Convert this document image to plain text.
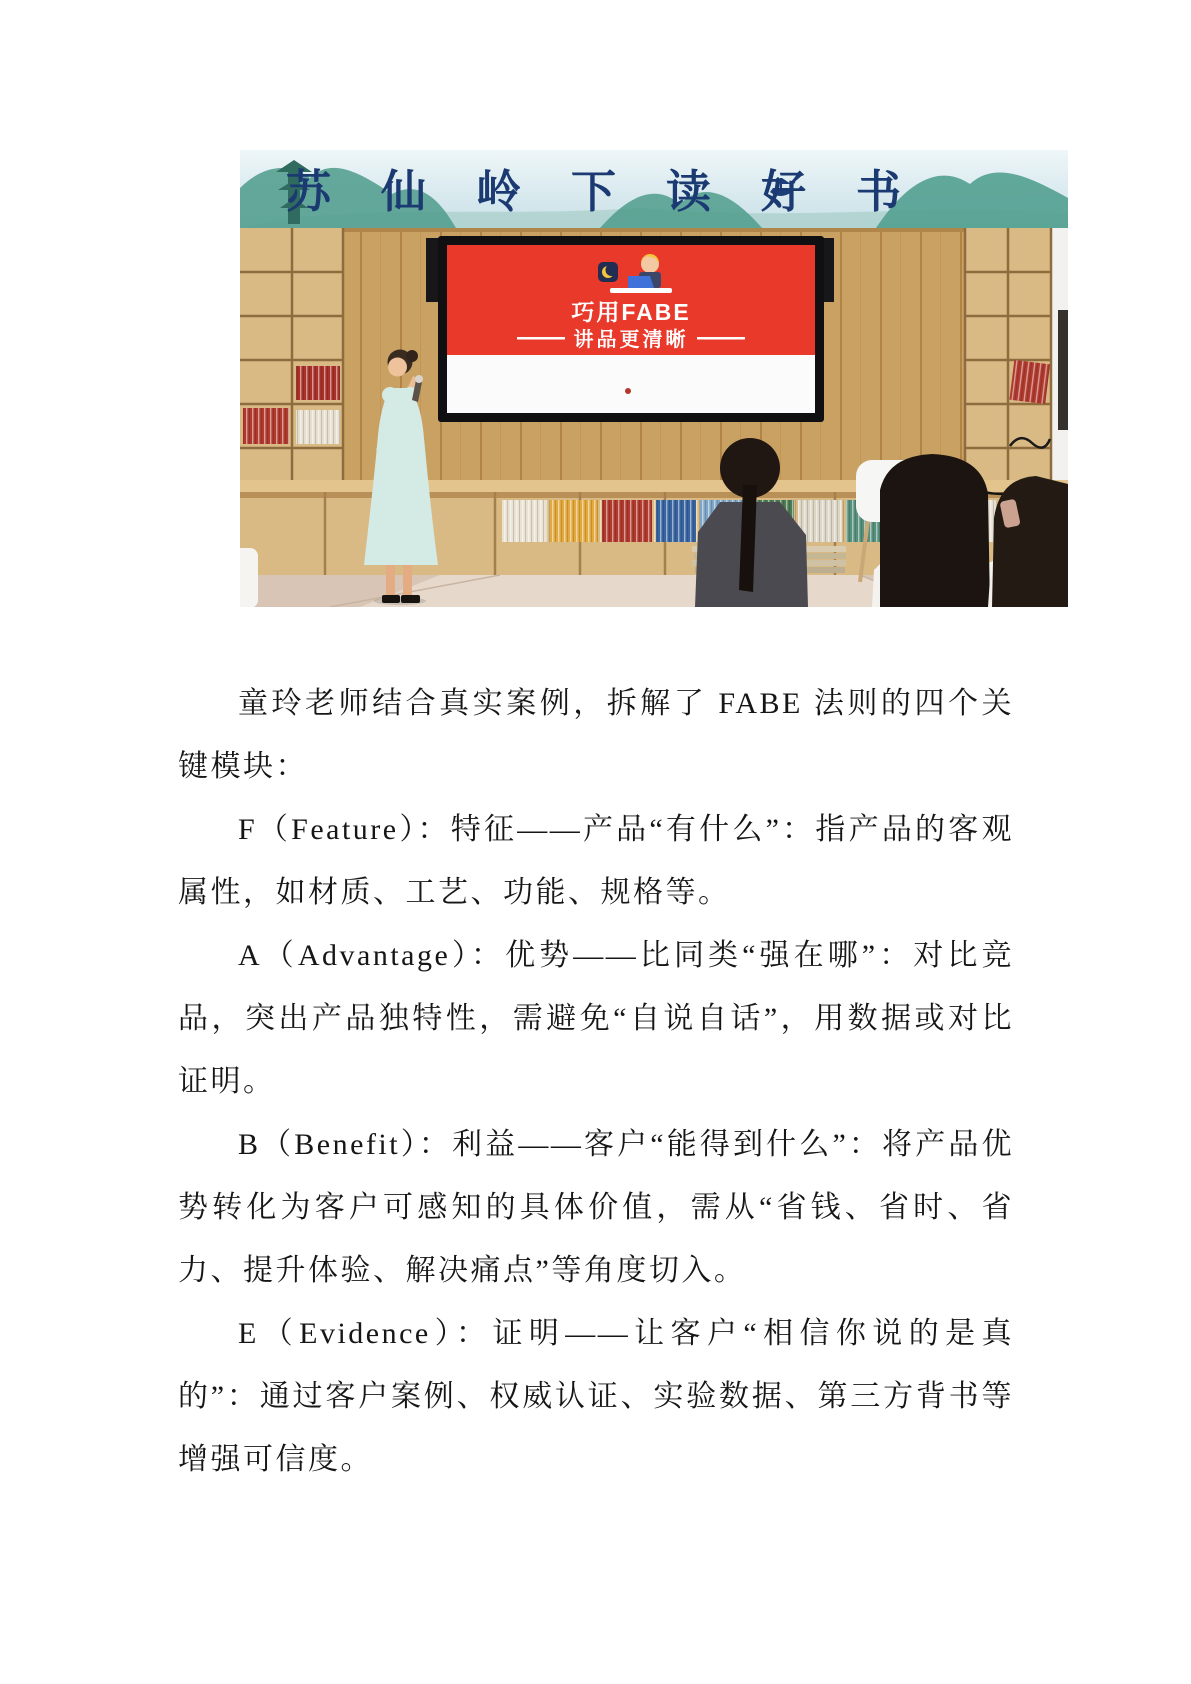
苏仙岭下读好书
巧用FABE
讲品更清晰

童玲老师结合真实案例，拆解了 FABE 法则的四个关键模块：

F（Feature）：特征——产品“有什么”：指产品的客观属性，如材质、工艺、功能、规格等。

A（Advantage）：优势——比同类“强在哪”：对比竞品，突出产品独特性，需避免“自说自话”，用数据或对比证明。

B（Benefit）：利益——客户“能得到什么”：将产品优势转化为客户可感知的具体价值，需从“省钱、省时、省力、提升体验、解决痛点”等角度切入。

E（Evidence）：证明——让客户“相信你说的是真的”：通过客户案例、权威认证、实验数据、第三方背书等增强可信度。
